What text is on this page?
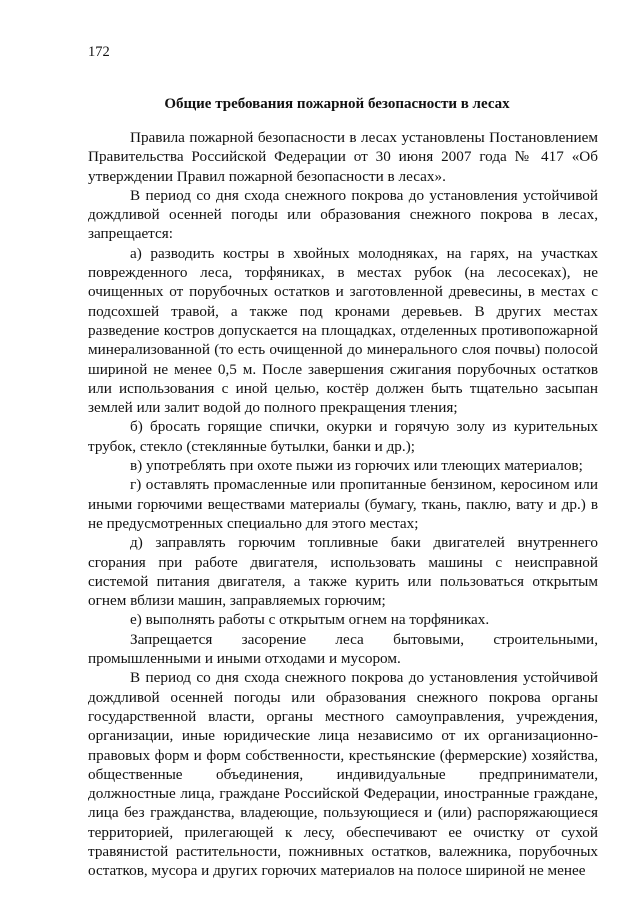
172
Общие требования пожарной безопасности в лесах

Правила пожарной безопасности в лесах установлены Постановлением Правительства Российской Федерации от 30 июня 2007 года № 417 «Об утверждении Правил пожарной безопасности в лесах».

В период со дня схода снежного покрова до установления устойчивой дождливой осенней погоды или образования снежного покрова в лесах, запрещается:

а) разводить костры в хвойных молодняках, на гарях, на участках поврежденного леса, торфяниках, в местах рубок (на лесосеках), не очищенных от порубочных остатков и заготовленной древесины, в местах с подсохшей травой, а также под кронами деревьев. В других местах разведение костров допускается на площадках, отделенных противопожарной минерализованной (то есть очищенной до минерального слоя почвы) полосой шириной не менее 0,5 м. После завершения сжигания порубочных остатков или использования с иной целью, костёр должен быть тщательно засыпан землей или залит водой до полного прекращения тления;

б) бросать горящие спички, окурки и горячую золу из курительных трубок, стекло (стеклянные бутылки, банки и др.);

в) употреблять при охоте пыжи из горючих или тлеющих материалов;

г) оставлять промасленные или пропитанные бензином, керосином или иными горючими веществами материалы (бумагу, ткань, паклю, вату и др.) в не предусмотренных специально для этого местах;

д) заправлять горючим топливные баки двигателей внутреннего сгорания при работе двигателя, использовать машины с неисправной системой питания двигателя, а также курить или пользоваться открытым огнем вблизи машин, заправляемых горючим;

е) выполнять работы с открытым огнем на торфяниках.

Запрещается засорение леса бытовыми, строительными, промышленными и иными отходами и мусором.

В период со дня схода снежного покрова до установления устойчивой дождливой осенней погоды или образования снежного покрова органы государственной власти, органы местного самоуправления, учреждения, организации, иные юридические лица независимо от их организационно-правовых форм и форм собственности, крестьянские (фермерские) хозяйства, общественные объединения, индивидуальные предприниматели, должностные лица, граждане Российской Федерации, иностранные граждане, лица без гражданства, владеющие, пользующиеся и (или) распоряжающиеся территорией, прилегающей к лесу, обеспечивают ее очистку от сухой травянистой растительности, пожнивных остатков, валежника, порубочных остатков, мусора и других горючих материалов на полосе шириной не менее
